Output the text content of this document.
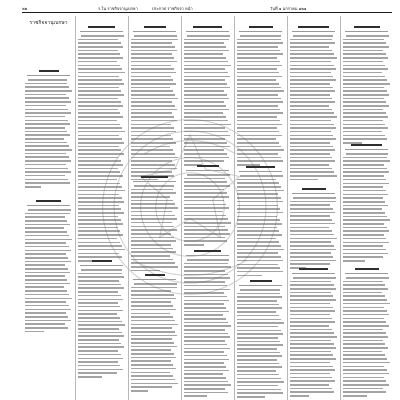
๒๒	ร.ใน ราชกิจจานุเบกษา	ประกาศ ราชกิจจา หน้า	วันที่ ๑ มกราคม ๑๒๑
ราชกิจจานุเบกษา
